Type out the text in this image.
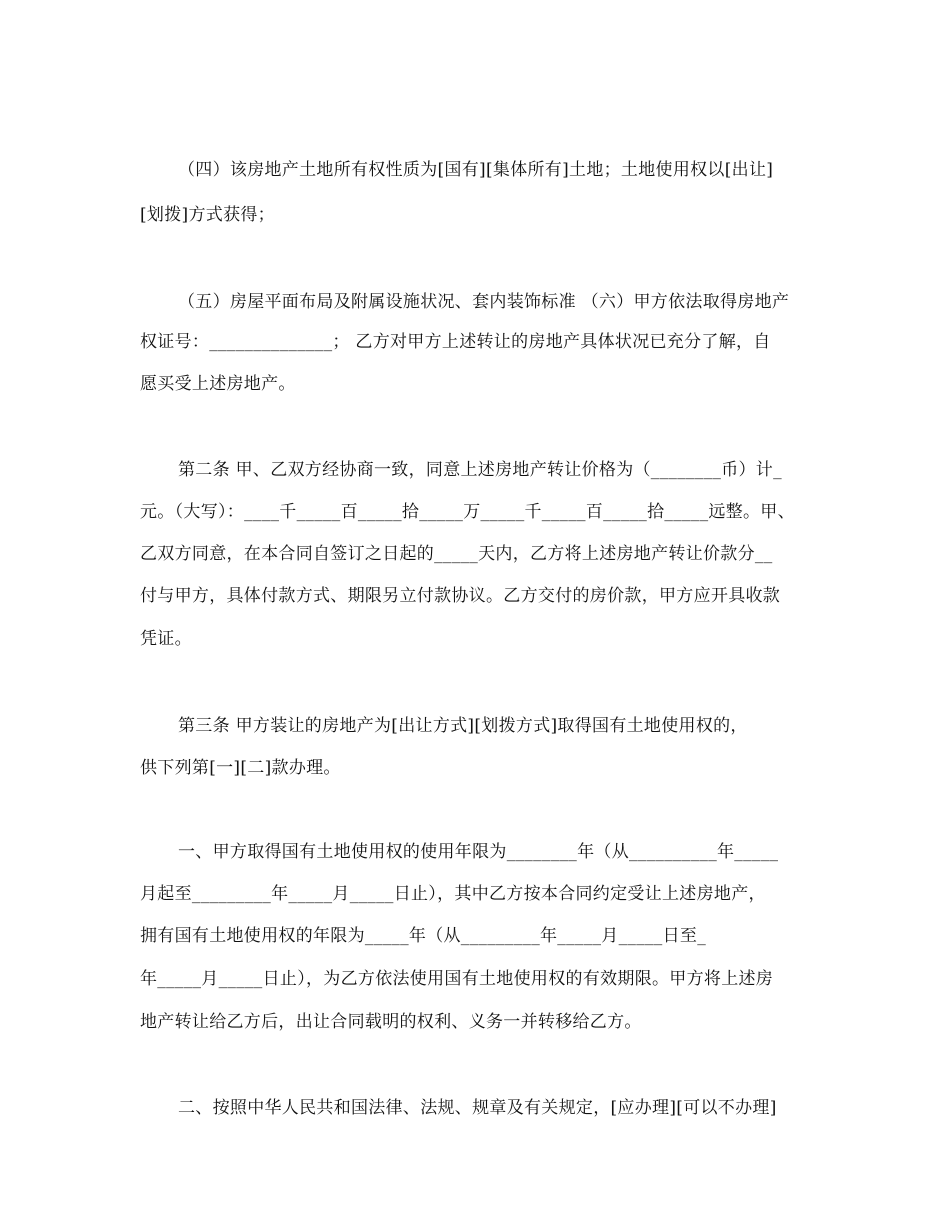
（四）该房地产土地所有权性质为[国有][集体所有]土地；土地使用权以[出让]
[划拨]方式获得；
（五）房屋平面布局及附属设施状况、套内装饰标准 （六）甲方依法取得房地产
权证号：______________； 乙方对甲方上述转让的房地产具体状况已充分了解，自
愿买受上述房地产。
第二条 甲、乙双方经协商一致，同意上述房地产转让价格为（________币）计_
元。（大写）：____千_____百_____拾_____万_____千_____百_____拾_____远整。甲、
乙双方同意，在本合同自签订之日起的_____天内，乙方将上述房地产转让价款分__
付与甲方，具体付款方式、期限另立付款协议。乙方交付的房价款，甲方应开具收款
凭证。
第三条 甲方装让的房地产为[出让方式][划拨方式]取得国有土地使用权的，
供下列第[一][二]款办理。
一、甲方取得国有土地使用权的使用年限为________年（从__________年_____
月起至_________年_____月_____日止），其中乙方按本合同约定受让上述房地产，
拥有国有土地使用权的年限为_____年（从_________年_____月_____日至_
年_____月_____日止），为乙方依法使用国有土地使用权的有效期限。甲方将上述房
地产转让给乙方后，出让合同载明的权利、义务一并转移给乙方。
二、按照中华人民共和国法律、法规、规章及有关规定，[应办理][可以不办理]
